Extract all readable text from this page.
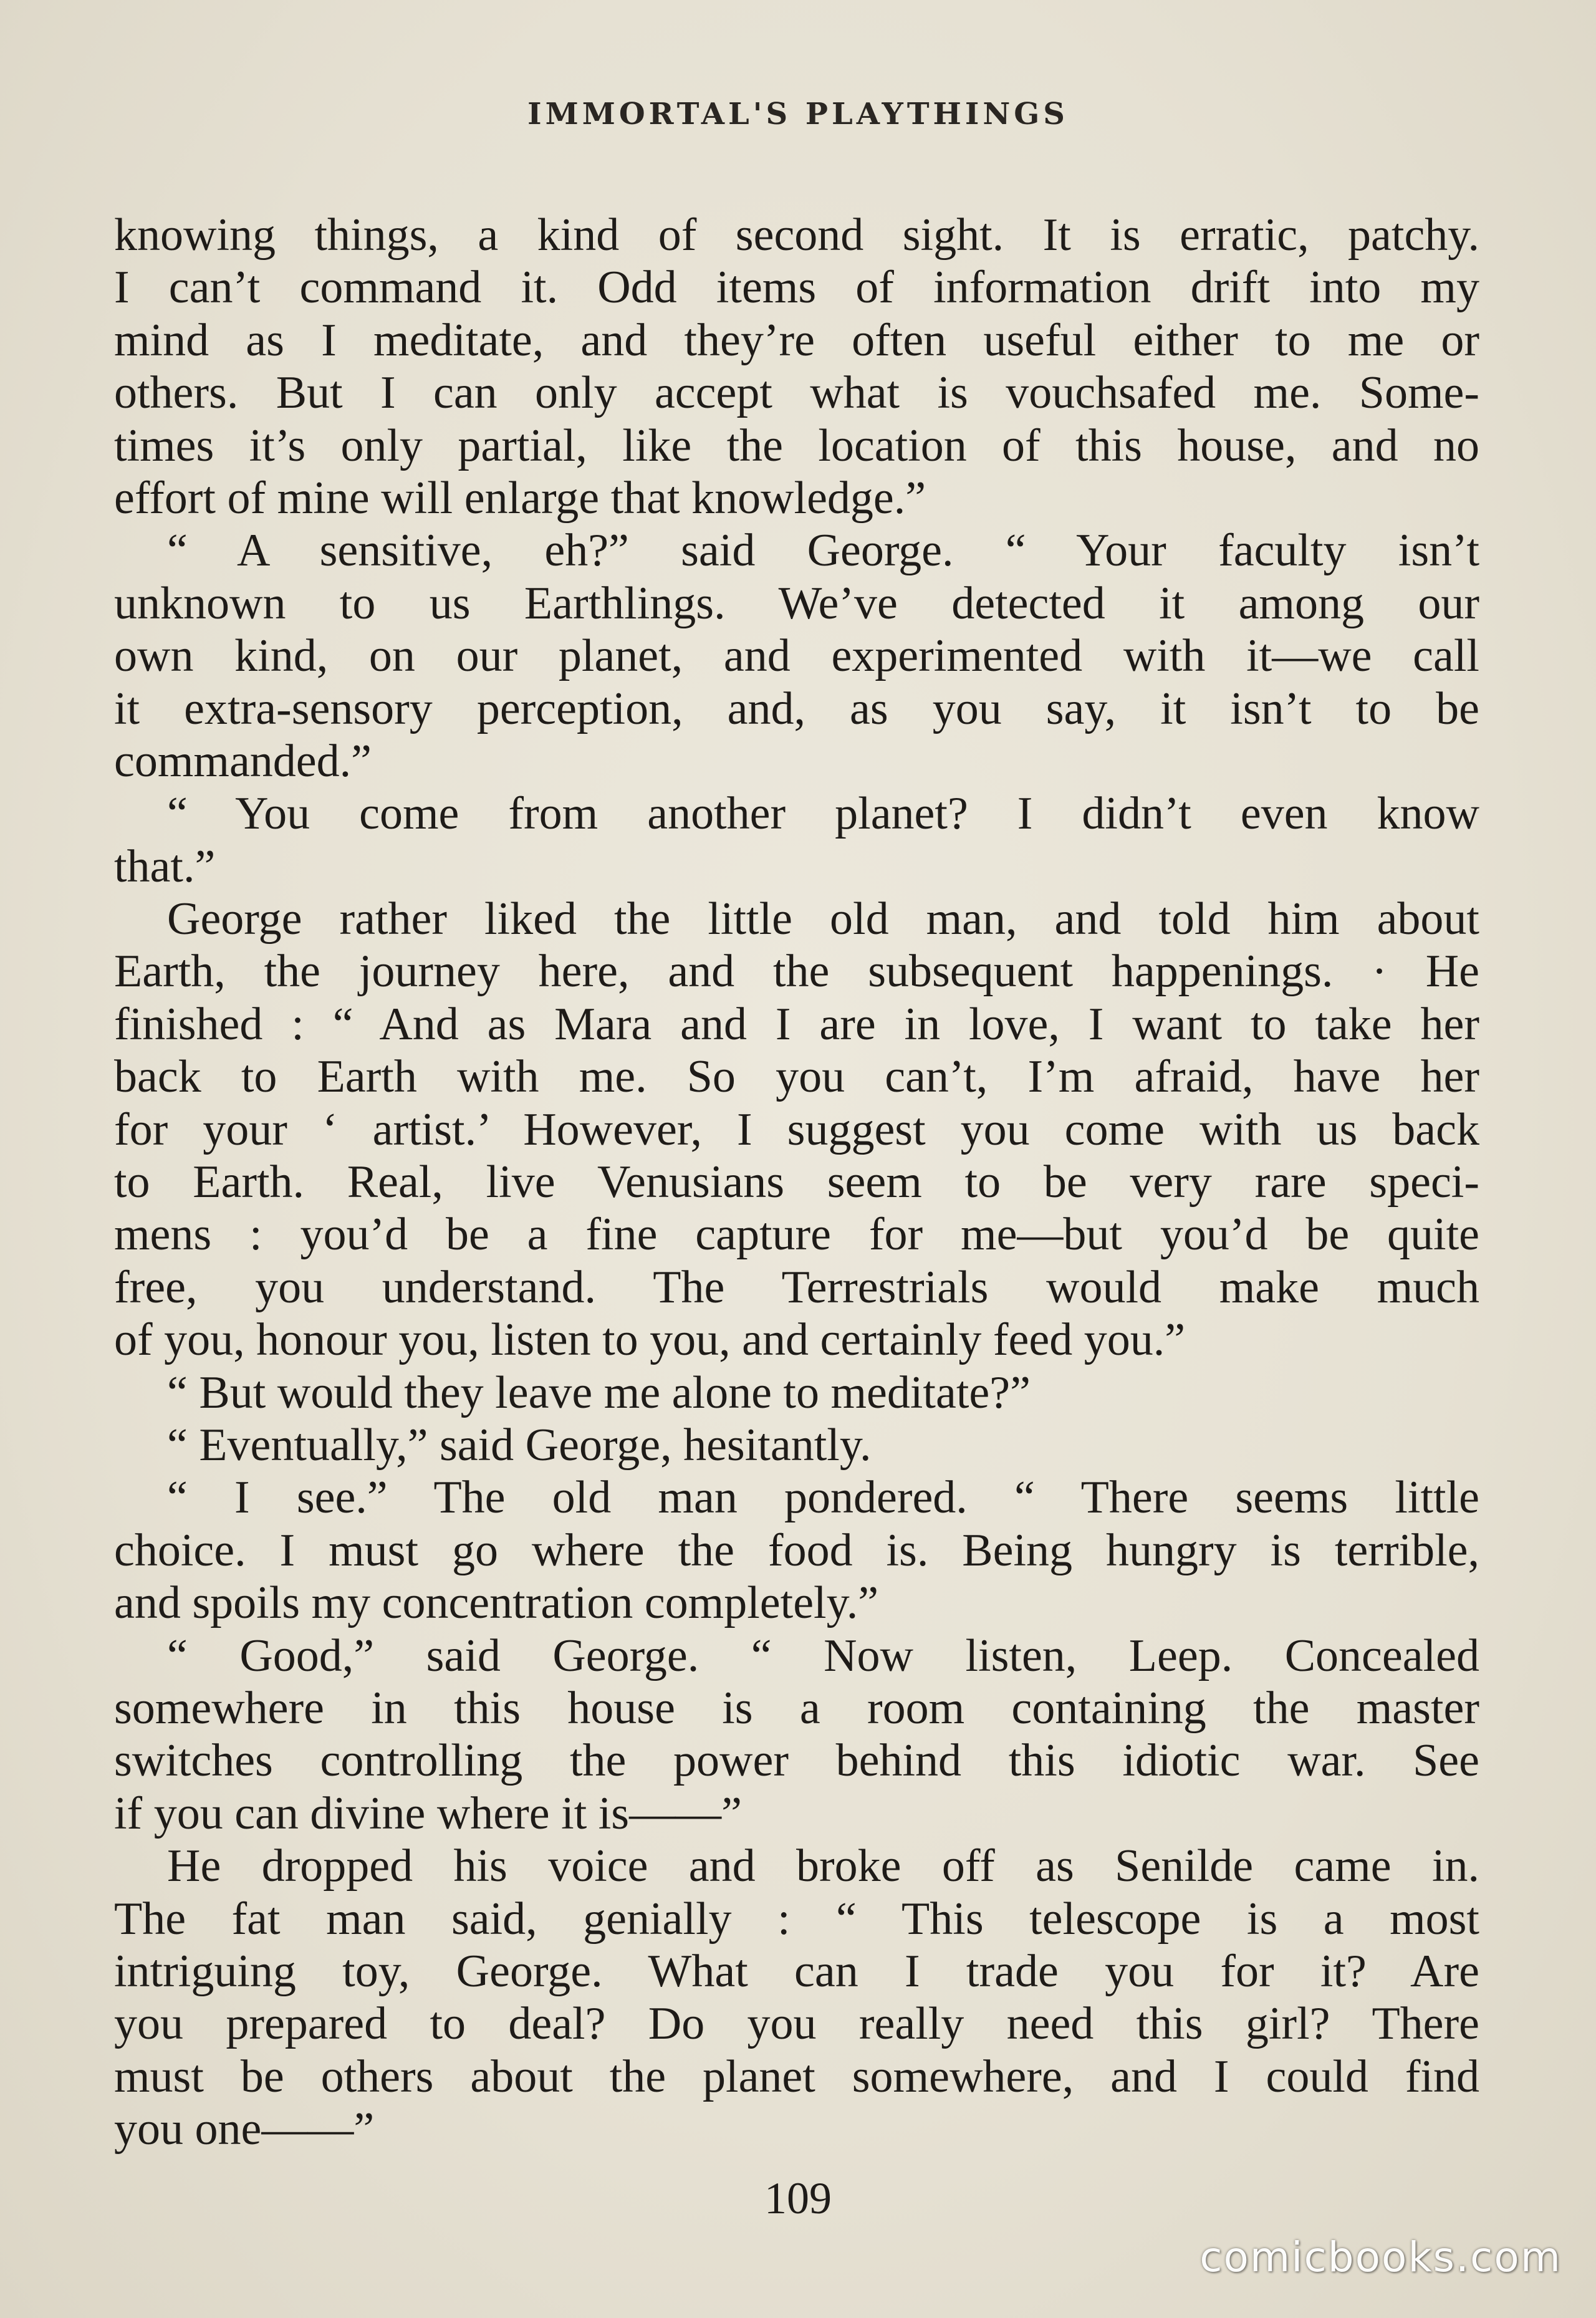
IMMORTAL'S PLAYTHINGS
knowing things, a kind of second sight. It is erratic, patchy.
I can’t command it. Odd items of information drift into my
mind as I meditate, and they’re often useful either to me or
others. But I can only accept what is vouchsafed me. Some-
times it’s only partial, like the location of this house, and no
effort of mine will enlarge that knowledge.”
“ A sensitive, eh?” said George. “ Your faculty isn’t
unknown to us Earthlings. We’ve detected it among our
own kind, on our planet, and experimented with it—we call
it extra-sensory perception, and, as you say, it isn’t to be
commanded.”
“ You come from another planet? I didn’t even know
that.”
George rather liked the little old man, and told him about
Earth, the journey here, and the subsequent happenings. · He
finished : “ And as Mara and I are in love, I want to take her
back to Earth with me. So you can’t, I’m afraid, have her
for your ‘ artist.’ However, I suggest you come with us back
to Earth. Real, live Venusians seem to be very rare speci-
mens : you’d be a fine capture for me—but you’d be quite
free, you understand. The Terrestrials would make much
of you, honour you, listen to you, and certainly feed you.”
“ But would they leave me alone to meditate?”
“ Eventually,” said George, hesitantly.
“ I see.” The old man pondered. “ There seems little
choice. I must go where the food is. Being hungry is terrible,
and spoils my concentration completely.”
“ Good,” said George. “ Now listen, Leep. Concealed
somewhere in this house is a room containing the master
switches controlling the power behind this idiotic war. See
if you can divine where it is——”
He dropped his voice and broke off as Senilde came in.
The fat man said, genially : “ This telescope is a most
intriguing toy, George. What can I trade you for it? Are
you prepared to deal? Do you really need this girl? There
must be others about the planet somewhere, and I could find
you one——”
109
comicbooks.com
